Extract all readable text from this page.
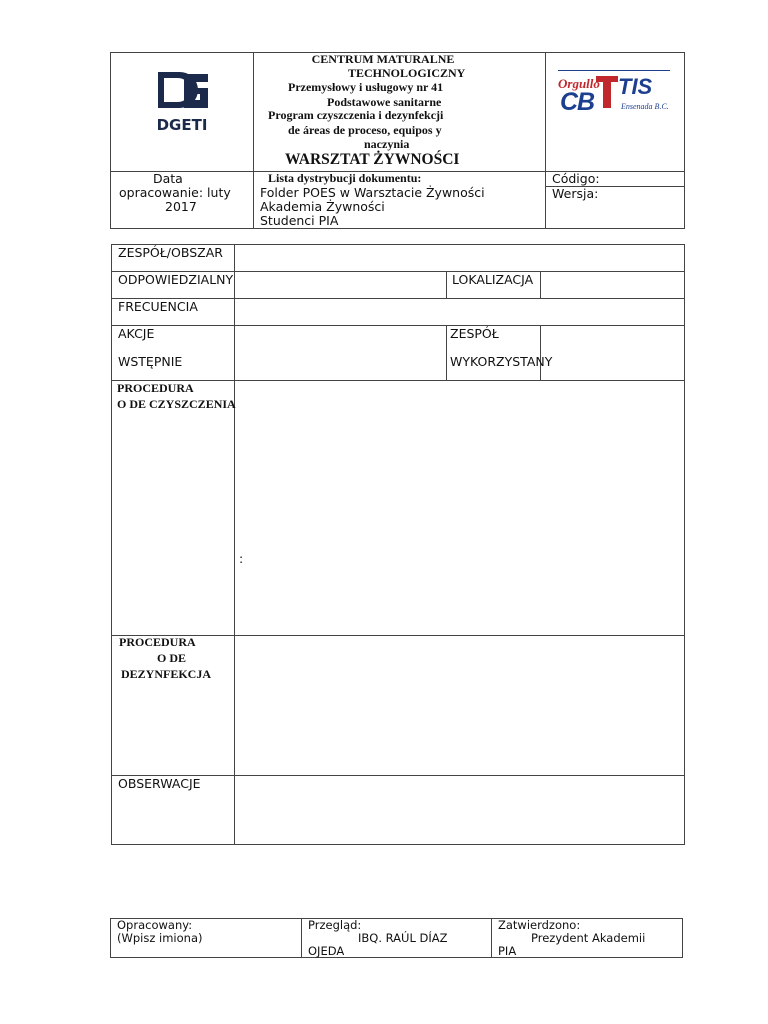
DGETI
CENTRUM MATURALNE
TECHNOLOGICZNY
Przemysłowy i usługowy nr 41
Podstawowe sanitarne
Program czyszczenia i dezynfekcji
de áreas de proceso, equipos y
naczynia
WARSZTAT ŻYWNOŚCI
Orgullo
CB
TIS
Ensenada B.C.
Data
opracowanie: luty
2017
Lista dystrybucji dokumentu:
Folder POES w Warsztacie Żywności
Akademia Żywności
Studenci PIA
Código:
Wersja:
ZESPÓŁ/OBSZAR
ODPOWIEDZIALNY	LOKALIZACJA
FRECUENCIA
AKCJE
WSTĘPNIE
ZESPÓŁ
WYKORZYSTANY
PROCEDURA
O DE CZYSZCZENIA
:
PROCEDURA
O DE
DEZYNFEKCJA
OBSERWACJE
Opracowany:
(Wpisz imiona)
Przegląd:
IBQ. RAÚL DÍAZ
OJEDA
Zatwierdzono:
Prezydent Akademii
PIA
